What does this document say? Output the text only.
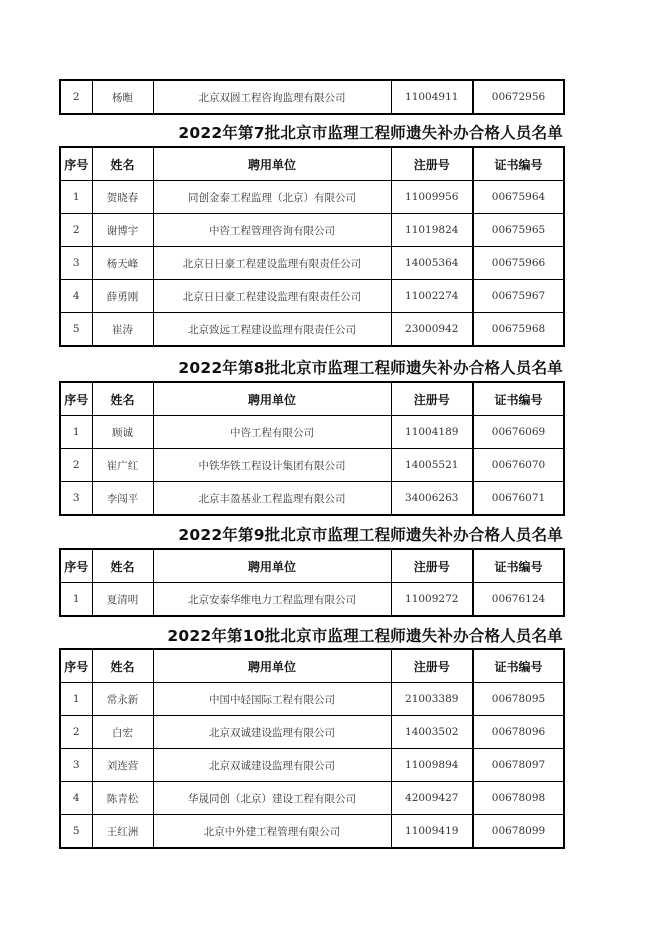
2	杨暅	北京双圆工程咨询监理有限公司	11004911	00672956
2022年第7批北京市监理工程师遗失补办合格人员名单
序号	姓名	聘用单位	注册号	证书编号
1	贺晓春	同创金泰工程监理（北京）有限公司	11009956	00675964
2	谢博宇	中咨工程管理咨询有限公司	11019824	00675965
3	杨天峰	北京日日豪工程建设监理有限责任公司	14005364	00675966
4	薛勇刚	北京日日豪工程建设监理有限责任公司	11002274	00675967
5	崔涛	北京致远工程建设监理有限责任公司	23000942	00675968
2022年第8批北京市监理工程师遗失补办合格人员名单
序号	姓名	聘用单位	注册号	证书编号
1	顾诚	中咨工程有限公司	11004189	00676069
2	崔广红	中铁华铁工程设计集团有限公司	14005521	00676070
3	李闯平	北京丰盈基业工程监理有限公司	34006263	00676071
2022年第9批北京市监理工程师遗失补办合格人员名单
序号	姓名	聘用单位	注册号	证书编号
1	夏清明	北京安泰华维电力工程监理有限公司	11009272	00676124
2022年第10批北京市监理工程师遗失补办合格人员名单
序号	姓名	聘用单位	注册号	证书编号
1	常永新	中国中轻国际工程有限公司	21003389	00678095
2	白宏	北京双诚建设监理有限公司	14003502	00678096
3	刘连营	北京双诚建设监理有限公司	11009894	00678097
4	陈青松	华晟同创（北京）建设工程有限公司	42009427	00678098
5	王红洲	北京中外建工程管理有限公司	11009419	00678099
